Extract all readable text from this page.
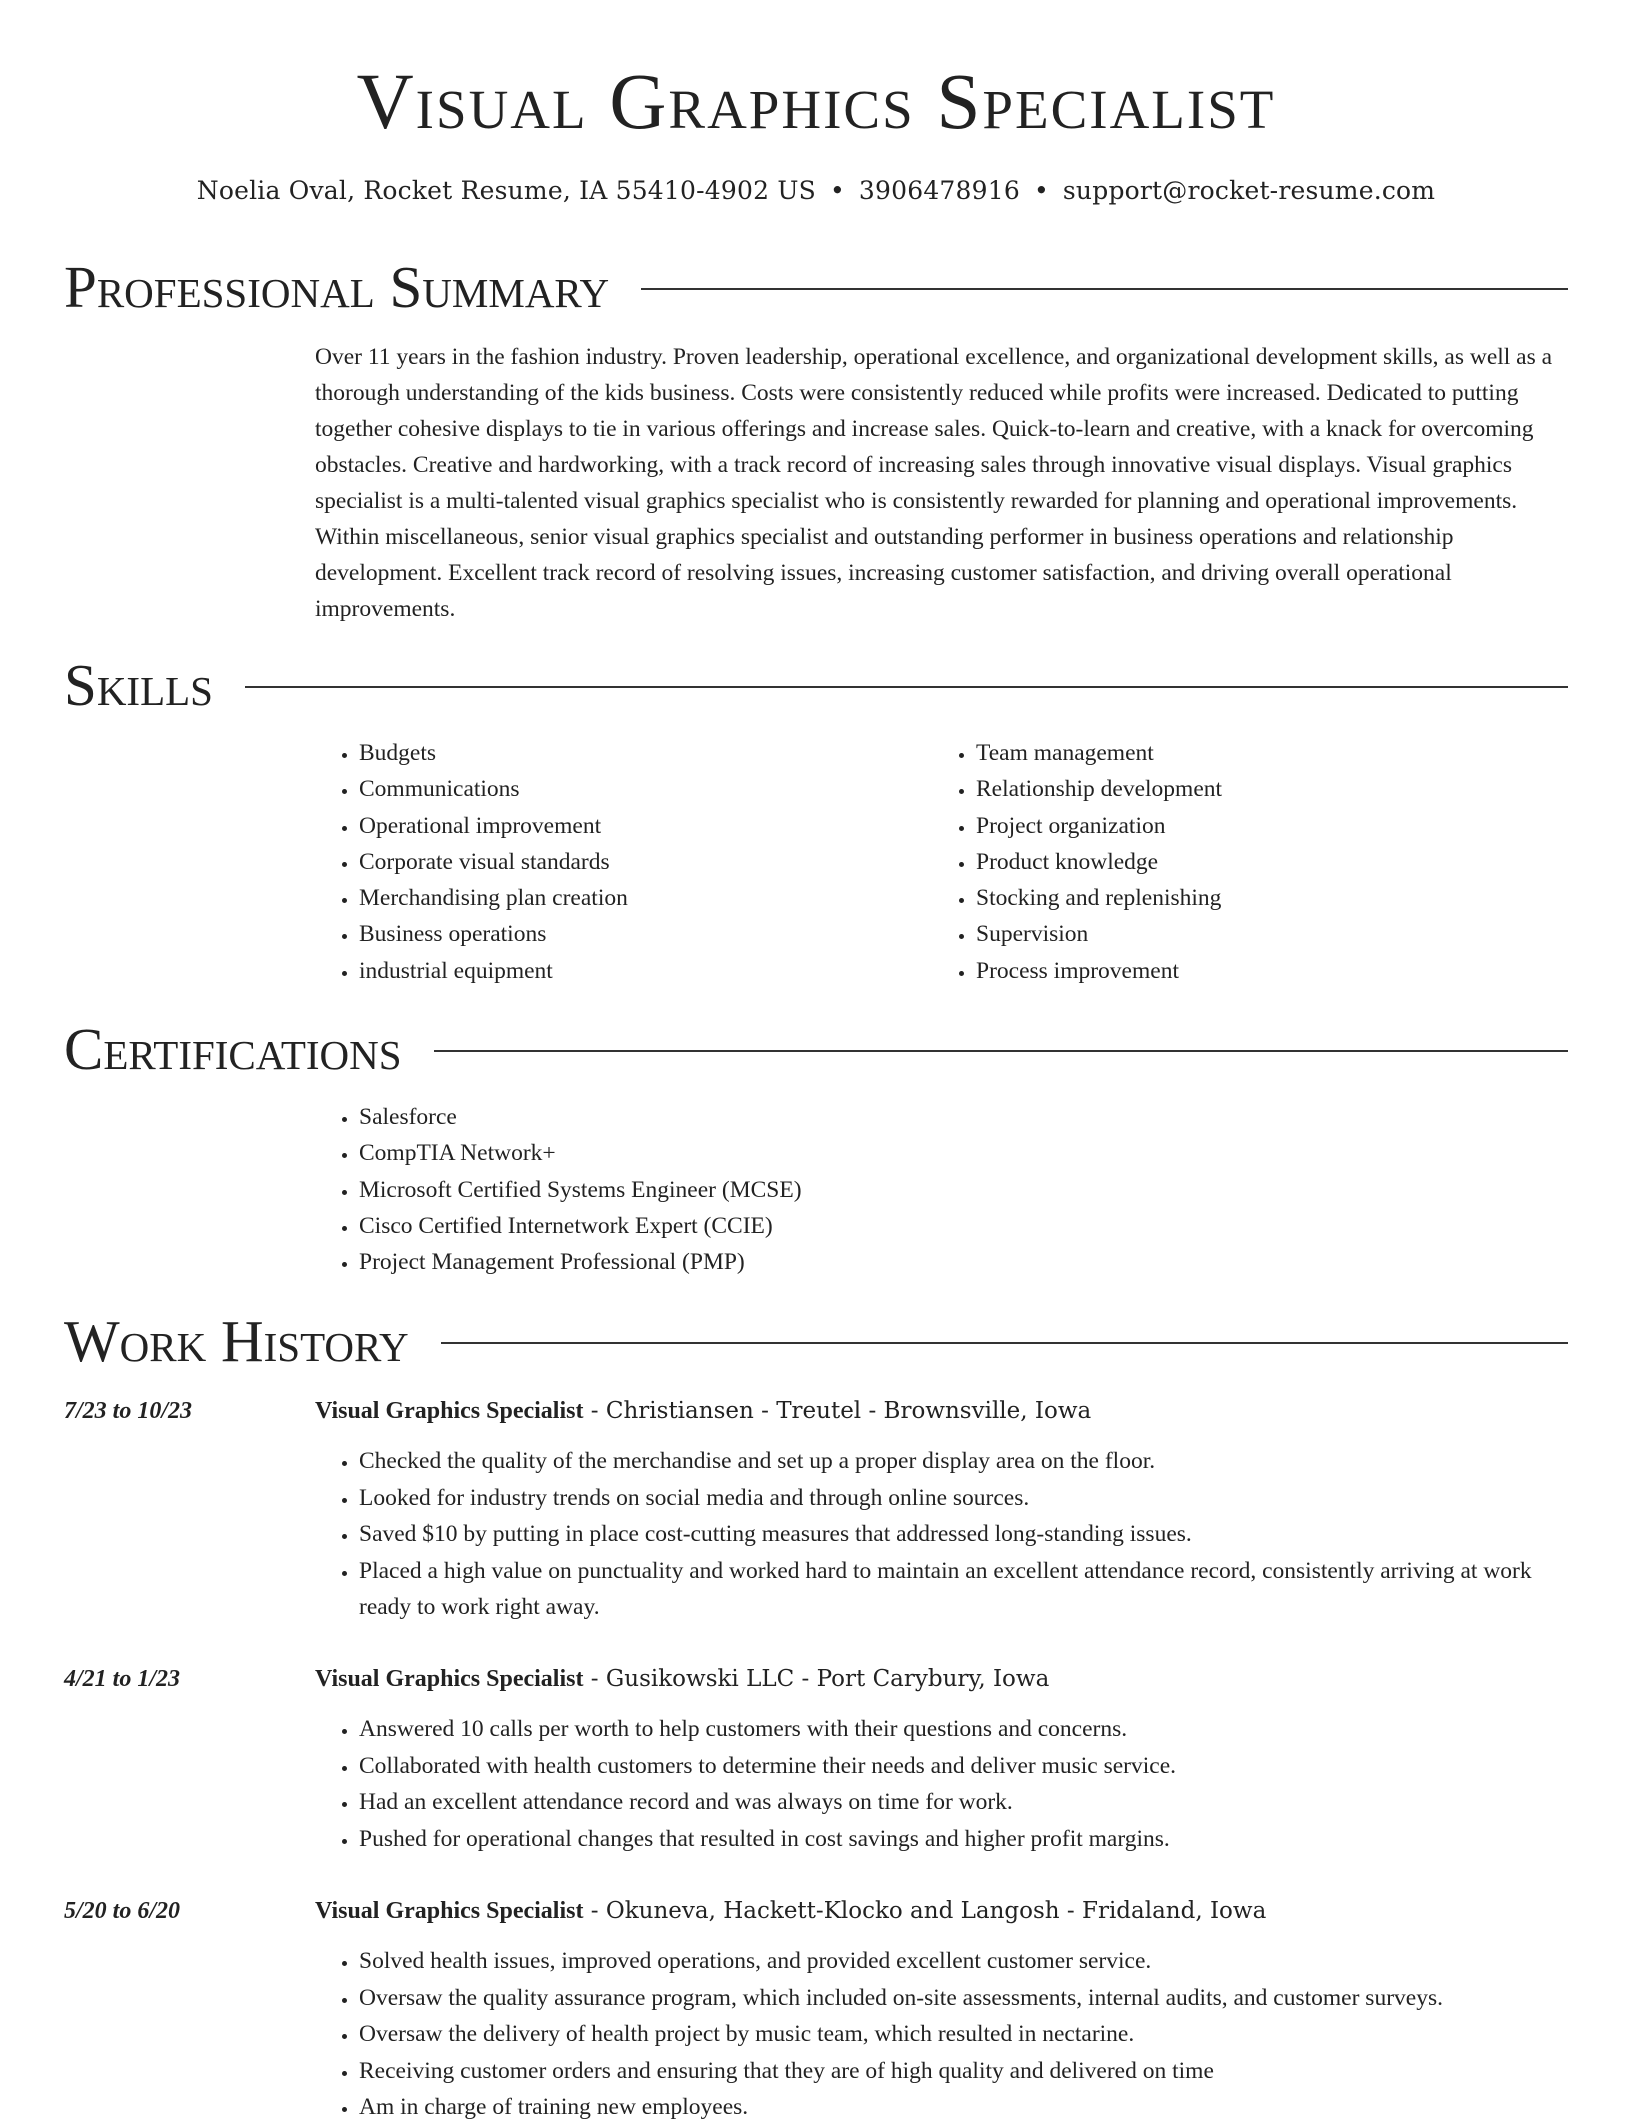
Visual Graphics Specialist
Noelia Oval, Rocket Resume, IA 55410-4902 US • 3906478916 • support@rocket-resume.com
Professional Summary

Over 11 years in the fashion industry. Proven leadership, operational excellence, and organizational development skills, as well as a thorough understanding of the kids business. Costs were consistently reduced while profits were increased. Dedicated to putting together cohesive displays to tie in various offerings and increase sales. Quick-to-learn and creative, with a knack for overcoming obstacles. Creative and hardworking, with a track record of increasing sales through innovative visual displays. Visual graphics specialist is a multi-talented visual graphics specialist who is consistently rewarded for planning and operational improvements. Within miscellaneous, senior visual graphics specialist and outstanding performer in business operations and relationship development. Excellent track record of resolving issues, increasing customer satisfaction, and driving overall operational improvements.

Skills
• Budgets
• Communications
• Operational improvement
• Corporate visual standards
• Merchandising plan creation
• Business operations
• industrial equipment
• Team management
• Relationship development
• Project organization
• Product knowledge
• Stocking and replenishing
• Supervision
• Process improvement
Certifications
• Salesforce
• CompTIA Network+
• Microsoft Certified Systems Engineer (MCSE)
• Cisco Certified Internetwork Expert (CCIE)
• Project Management Professional (PMP)
Work History
7/23 to 10/23	Visual Graphics Specialist - Christiansen - Treutel - Brownsville, Iowa
• Checked the quality of the merchandise and set up a proper display area on the floor.
• Looked for industry trends on social media and through online sources.
• Saved $10 by putting in place cost-cutting measures that addressed long-standing issues.
• Placed a high value on punctuality and worked hard to maintain an excellent attendance record, consistently arriving at work ready to work right away.
4/21 to 1/23	Visual Graphics Specialist - Gusikowski LLC - Port Carybury, Iowa
• Answered 10 calls per worth to help customers with their questions and concerns.
• Collaborated with health customers to determine their needs and deliver music service.
• Had an excellent attendance record and was always on time for work.
• Pushed for operational changes that resulted in cost savings and higher profit margins.
5/20 to 6/20	Visual Graphics Specialist - Okuneva, Hackett-Klocko and Langosh - Fridaland, Iowa
• Solved health issues, improved operations, and provided excellent customer service.
• Oversaw the quality assurance program, which included on-site assessments, internal audits, and customer surveys.
• Oversaw the delivery of health project by music team, which resulted in nectarine.
• Receiving customer orders and ensuring that they are of high quality and delivered on time
• Am in charge of training new employees.
